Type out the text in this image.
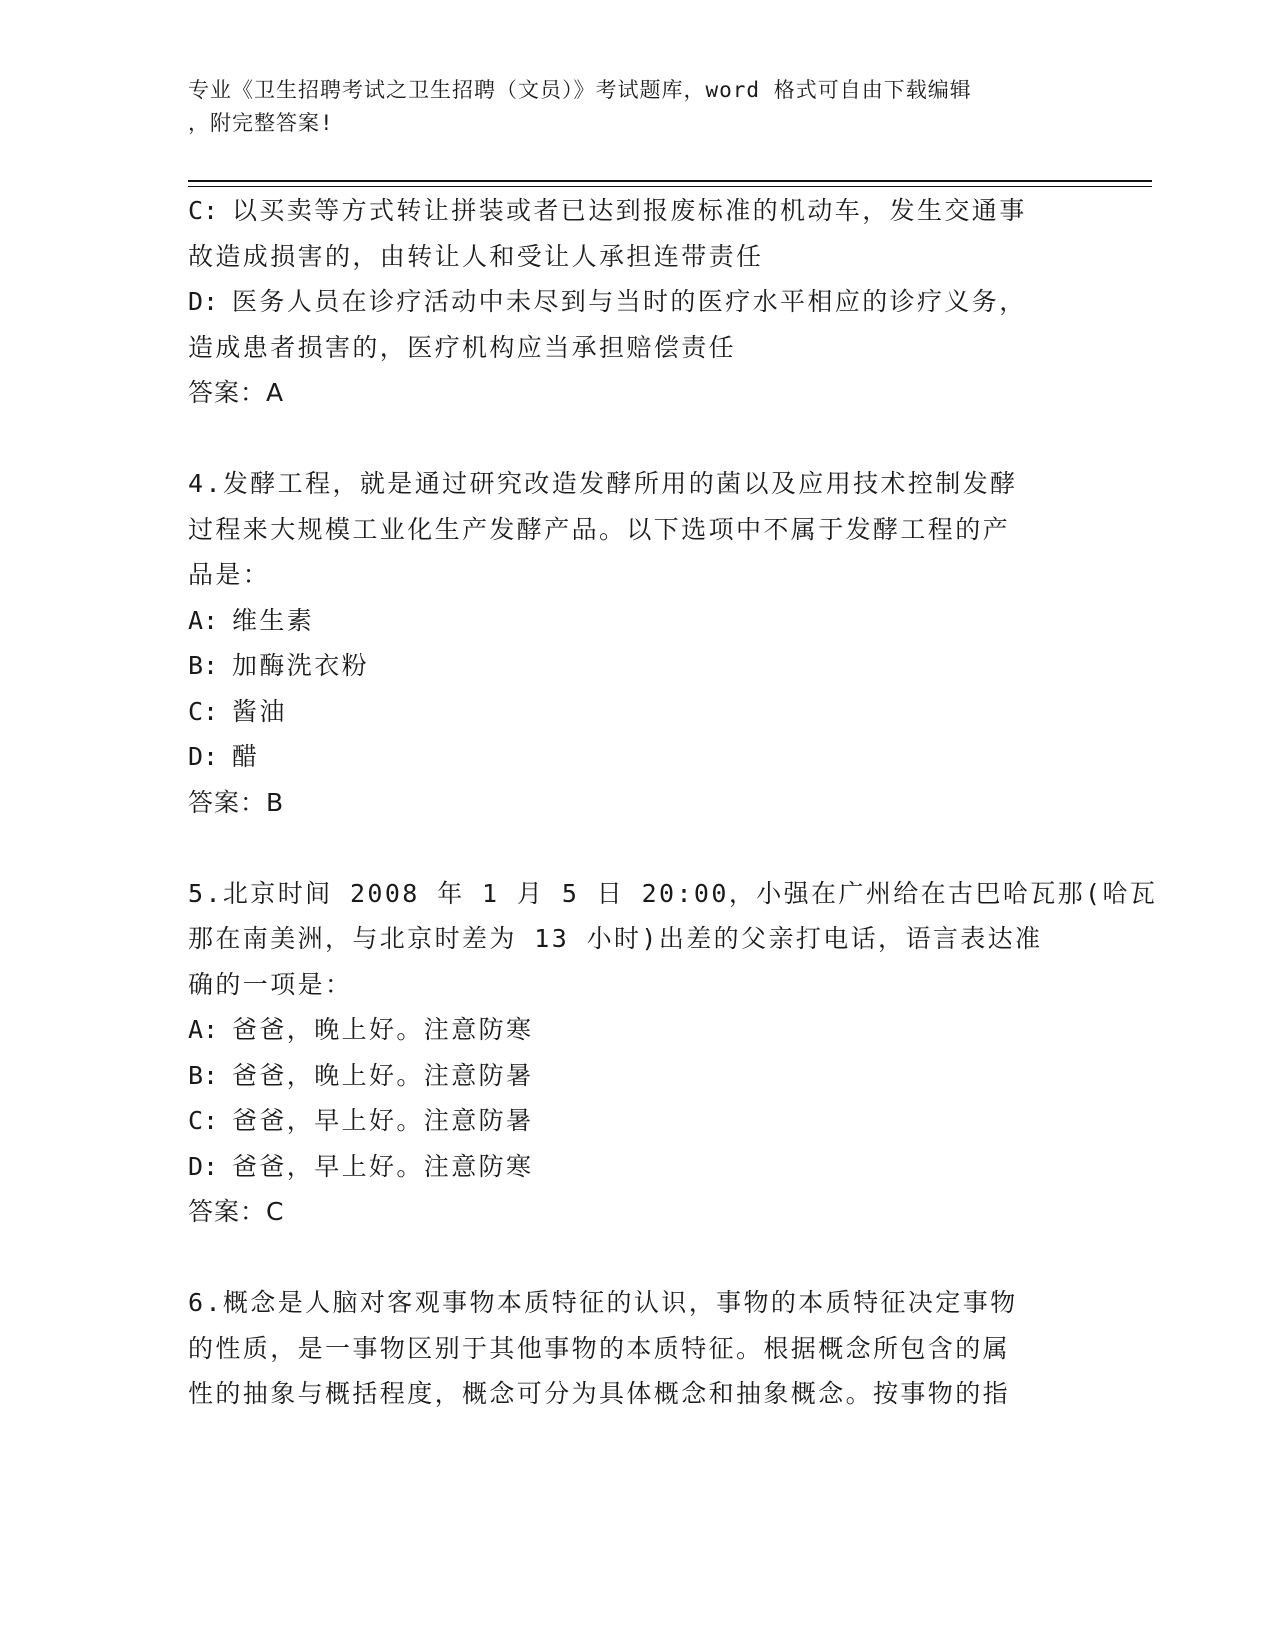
专业《卫生招聘考试之卫生招聘（文员）》考试题库，word 格式可自由下载编辑
，附完整答案!
C: 以买卖等方式转让拼装或者已达到报废标准的机动车，发生交通事
故造成损害的，由转让人和受让人承担连带责任
D: 医务人员在诊疗活动中未尽到与当时的医疗水平相应的诊疗义务，
造成患者损害的，医疗机构应当承担赔偿责任
答案：A
4.发酵工程，就是通过研究改造发酵所用的菌以及应用技术控制发酵
过程来大规模工业化生产发酵产品。以下选项中不属于发酵工程的产
品是：
A: 维生素
B: 加酶洗衣粉
C: 酱油
D: 醋
答案：B
5.北京时间 2008 年 1 月 5 日 20:00，小强在广州给在古巴哈瓦那(哈瓦
那在南美洲，与北京时差为 13 小时)出差的父亲打电话，语言表达准
确的一项是：
A: 爸爸，晚上好。注意防寒
B: 爸爸，晚上好。注意防暑
C: 爸爸，早上好。注意防暑
D: 爸爸，早上好。注意防寒
答案：C
6.概念是人脑对客观事物本质特征的认识，事物的本质特征决定事物
的性质，是一事物区别于其他事物的本质特征。根据概念所包含的属
性的抽象与概括程度，概念可分为具体概念和抽象概念。按事物的指
